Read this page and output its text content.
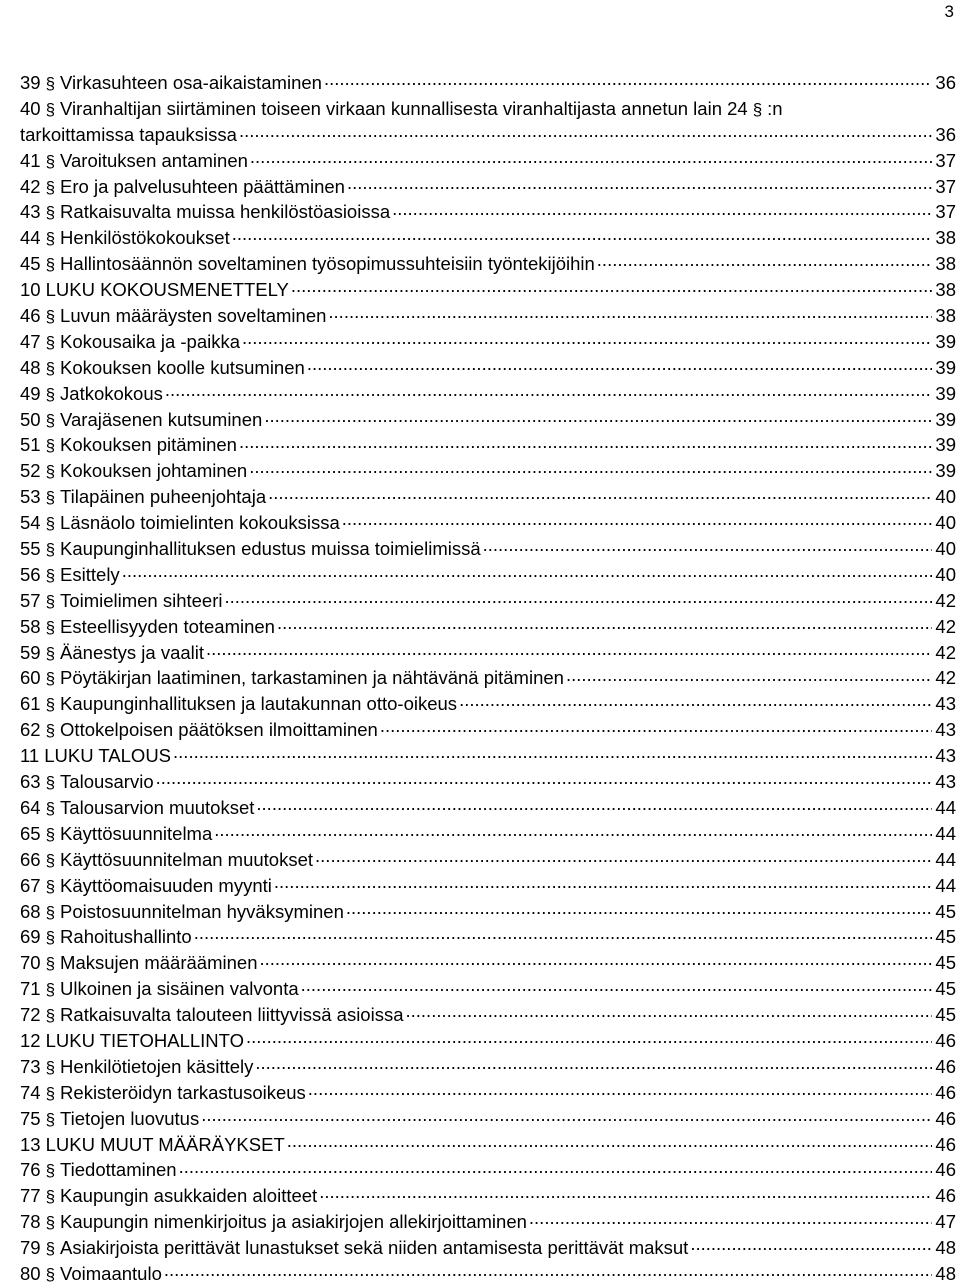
3
39 § Virkasuhteen osa-aikaistaminen .....	36
40 § Viranhaltijan siirtäminen toiseen virkaan kunnallisesta viranhaltijasta annetun lain 24 § :n
tarkoittamissa tapauksissa .....	36
41 § Varoituksen antaminen .....	37
42 § Ero ja palvelusuhteen päättäminen .....	37
43 § Ratkaisuvalta muissa henkilöstöasioissa .....	37
44 § Henkilöstökokoukset .....	38
45 § Hallintosäännön soveltaminen työsopimussuhteisiin työntekijöihin .....	38
10 LUKU KOKOUSMENETTELY .....	38
46 § Luvun määräysten soveltaminen .....	38
47 § Kokousaika ja -paikka .....	39
48 § Kokouksen koolle kutsuminen .....	39
49 § Jatkokokous .....	39
50 § Varajäsenen kutsuminen .....	39
51 § Kokouksen pitäminen .....	39
52 § Kokouksen johtaminen .....	39
53 § Tilapäinen puheenjohtaja .....	40
54 § Läsnäolo toimielinten kokouksissa .....	40
55 § Kaupunginhallituksen edustus muissa toimielimissä .....	40
56 § Esittely .....	40
57 § Toimielimen sihteeri .....	42
58 § Esteellisyyden toteaminen .....	42
59 § Äänestys ja vaalit .....	42
60 § Pöytäkirjan laatiminen, tarkastaminen ja nähtävänä pitäminen .....	42
61 § Kaupunginhallituksen ja lautakunnan otto-oikeus .....	43
62 § Ottokelpoisen päätöksen ilmoittaminen .....	43
11 LUKU TALOUS .....	43
63 § Talousarvio .....	43
64 § Talousarvion muutokset .....	44
65 § Käyttösuunnitelma .....	44
66 § Käyttösuunnitelman muutokset .....	44
67 § Käyttöomaisuuden myynti .....	44
68 § Poistosuunnitelman hyväksyminen .....	45
69 § Rahoitushallinto .....	45
70 § Maksujen määrääminen .....	45
71 § Ulkoinen ja sisäinen valvonta .....	45
72 § Ratkaisuvalta talouteen liittyvissä asioissa .....	45
12 LUKU TIETOHALLINTO .....	46
73 § Henkilötietojen käsittely .....	46
74 § Rekisteröidyn tarkastusoikeus .....	46
75 § Tietojen luovutus .....	46
13 LUKU MUUT MÄÄRÄYKSET .....	46
76 § Tiedottaminen .....	46
77 § Kaupungin asukkaiden aloitteet .....	46
78 § Kaupungin nimenkirjoitus ja asiakirjojen allekirjoittaminen .....	47
79 § Asiakirjoista perittävät lunastukset sekä niiden antamisesta perittävät maksut .....	48
80 § Voimaantulo .....	48
